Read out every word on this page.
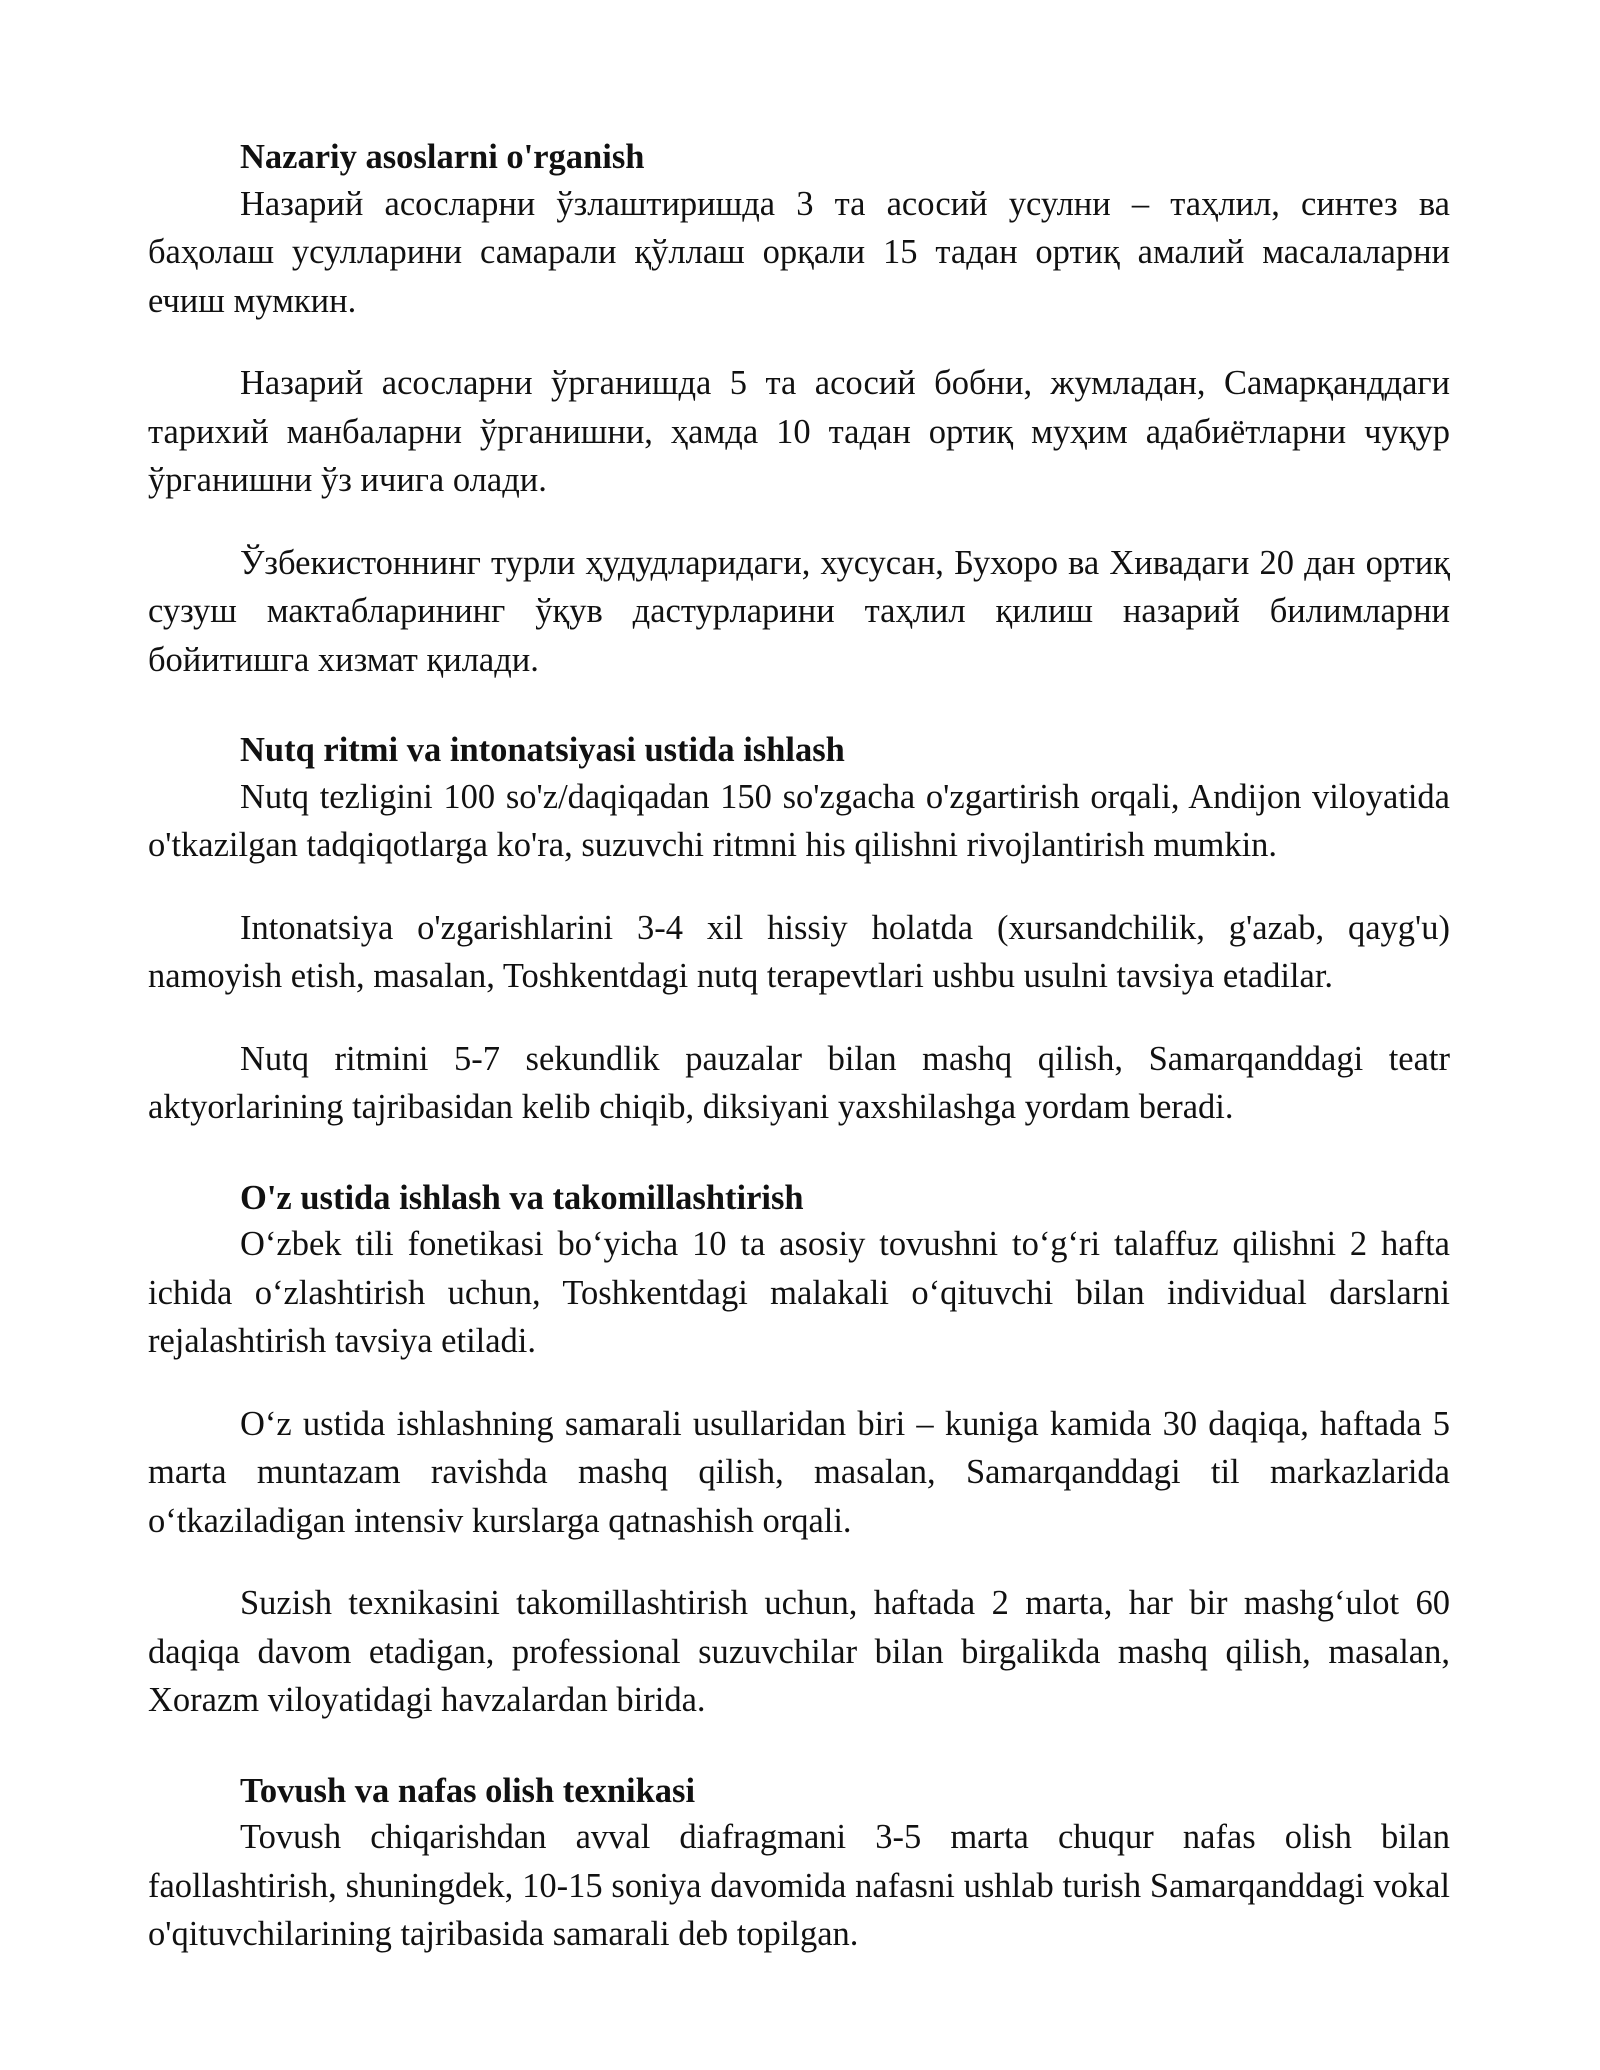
Nazariy asoslarni o'rganish
Назарий асосларни ўзлаштиришда 3 та асосий усулни – таҳлил, синтез ва баҳолаш усулларини самарали қўллаш орқали 15 тадан ортиқ амалий масалаларни ечиш мумкин.
Назарий асосларни ўрганишда 5 та асосий бобни, жумладан, Самарқанддаги тарихий манбаларни ўрганишни, ҳамда 10 тадан ортиқ муҳим адабиётларни чуқур ўрганишни ўз ичига олади.
Ўзбекистоннинг турли ҳудудларидаги, хусусан, Бухоро ва Хивадаги 20 дан ортиқ сузуш мактабларининг ўқув дастурларини таҳлил қилиш назарий билимларни бойитишга хизмат қилади.
Nutq ritmi va intonatsiyasi ustida ishlash
Nutq tezligini 100 so'z/daqiqadan 150 so'zgacha o'zgartirish orqali, Andijon viloyatida o'tkazilgan tadqiqotlarga ko'ra, suzuvchi ritmni his qilishni rivojlantirish mumkin.
Intonatsiya o'zgarishlarini 3-4 xil hissiy holatda (xursandchilik, g'azab, qayg'u) namoyish etish, masalan, Toshkentdagi nutq terapevtlari ushbu usulni tavsiya etadilar.
Nutq ritmini 5-7 sekundlik pauzalar bilan mashq qilish, Samarqanddagi teatr aktyorlarining tajribasidan kelib chiqib, diksiyani yaxshilashga yordam beradi.
O'z ustida ishlash va takomillashtirish
Oʻzbek tili fonetikasi boʻyicha 10 ta asosiy tovushni toʻgʻri talaffuz qilishni 2 hafta ichida oʻzlashtirish uchun, Toshkentdagi malakali oʻqituvchi bilan individual darslarni rejalashtirish tavsiya etiladi.
Oʻz ustida ishlashning samarali usullaridan biri – kuniga kamida 30 daqiqa, haftada 5 marta muntazam ravishda mashq qilish, masalan, Samarqanddagi til markazlarida oʻtkaziladigan intensiv kurslarga qatnashish orqali.
Suzish texnikasini takomillashtirish uchun, haftada 2 marta, har bir mashgʻulot 60 daqiqa davom etadigan, professional suzuvchilar bilan birgalikda mashq qilish, masalan, Xorazm viloyatidagi havzalardan birida.
Tovush va nafas olish texnikasi
Tovush chiqarishdan avval diafragmani 3-5 marta chuqur nafas olish bilan faollashtirish, shuningdek, 10-15 soniya davomida nafasni ushlab turish Samarqanddagi vokal o'qituvchilarining tajribasida samarali deb topilgan.
